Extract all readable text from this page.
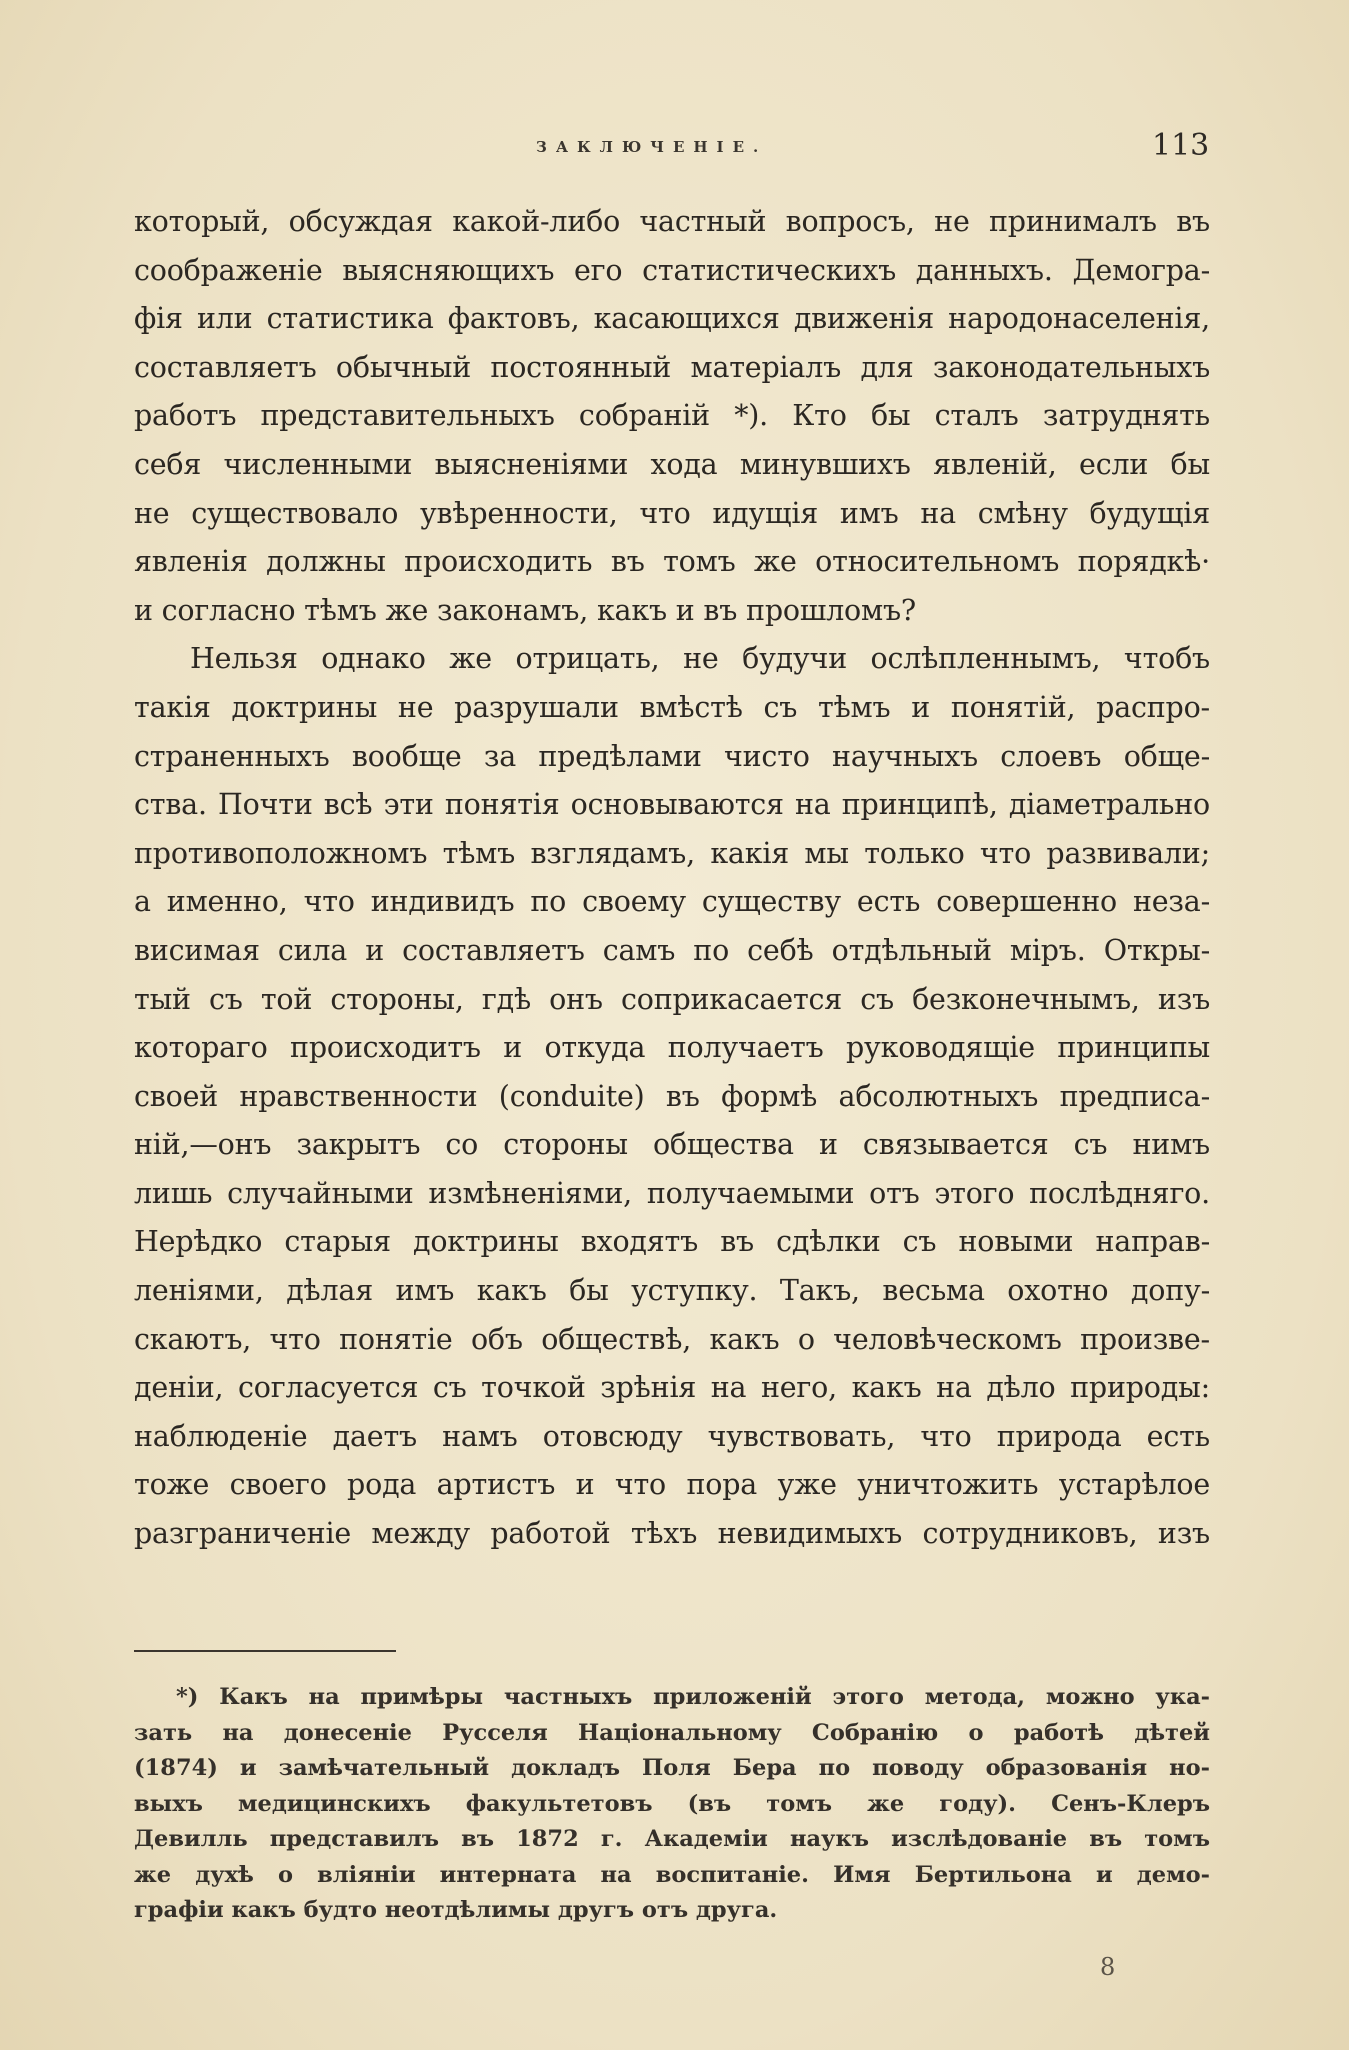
ЗАКЛЮЧЕНІЕ.	113
который, обсуждая какой-либо частный вопросъ, не принималъ въ
соображеніе выясняющихъ его статистическихъ данныхъ. Демогра-
фія или статистика фактовъ, касающихся движенія народонаселенія,
составляетъ обычный постоянный матеріалъ для законодательныхъ
работъ представительныхъ собраній *). Кто бы сталъ затруднять
себя численными выясненіями хода минувшихъ явленій, если бы
не существовало увѣренности, что идущія имъ на смѣну будущія
явленія должны происходить въ томъ же относительномъ порядкѣ·
и согласно тѣмъ же законамъ, какъ и въ прошломъ?
Нельзя однако же отрицать, не будучи ослѣпленнымъ, чтобъ
такія доктрины не разрушали вмѣстѣ съ тѣмъ и понятій, распро-
страненныхъ вообще за предѣлами чисто научныхъ слоевъ обще-
ства. Почти всѣ эти понятія основываются на принципѣ, діаметрально
противоположномъ тѣмъ взглядамъ, какія мы только что развивали;
а именно, что индивидъ по своему существу есть совершенно неза-
висимая сила и составляетъ самъ по себѣ отдѣльный міръ. Откры-
тый съ той стороны, гдѣ онъ соприкасается съ безконечнымъ, изъ
котораго происходитъ и откуда получаетъ руководящіе принципы
своей нравственности (conduite) въ формѣ абсолютныхъ предписа-
ній,—онъ закрытъ со стороны общества и связывается съ нимъ
лишь случайными измѣненіями, получаемыми отъ этого послѣдняго.
Нерѣдко старыя доктрины входятъ въ сдѣлки съ новыми направ-
леніями, дѣлая имъ какъ бы уступку. Такъ, весьма охотно допу-
скаютъ, что понятіе объ обществѣ, какъ о человѣческомъ произве-
деніи, согласуется съ точкой зрѣнія на него, какъ на дѣло природы:
наблюденіе даетъ намъ отовсюду чувствовать, что природа есть
тоже своего рода артистъ и что пора уже уничтожить устарѣлое
разграниченіе между работой тѣхъ невидимыхъ сотрудниковъ, изъ
*) Какъ на примѣры частныхъ приложеній этого метода, можно ука-
зать на донесеніе Русселя Національному Собранію о работѣ дѣтей
(1874) и замѣчательный докладъ Поля Бера по поводу образованія но-
выхъ медицинскихъ факультетовъ (въ томъ же году). Сенъ-Клеръ
Девилль представилъ въ 1872 г. Академіи наукъ изслѣдованіе въ томъ
же духѣ о вліяніи интерната на воспитаніе. Имя Бертильона и демо-
графіи какъ будто неотдѣлимы другъ отъ друга.
8
